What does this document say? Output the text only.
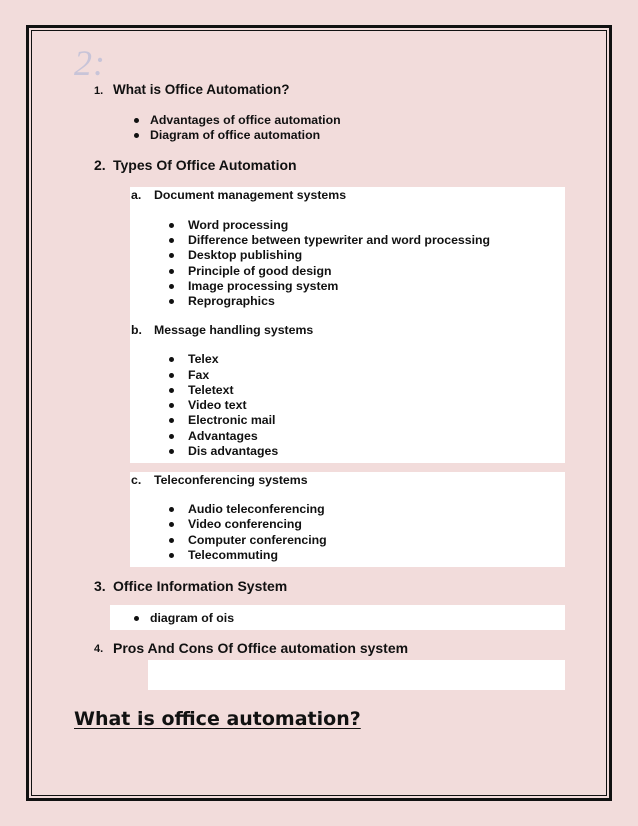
2:
1. What is Office Automation?
Advantages of office automation
Diagram of office automation
2. Types Of Office Automation
a. Document management systems
Word processing
Difference between typewriter and word processing
Desktop publishing
Principle of good design
Image processing system
Reprographics
b. Message handling systems
Telex
Fax
Teletext
Video text
Electronic mail
Advantages
Dis advantages
c. Teleconferencing systems
Audio teleconferencing
Video conferencing
Computer conferencing
Telecommuting
3. Office Information System
diagram of ois
4. Pros And Cons Of Office automation system
What is office automation?
